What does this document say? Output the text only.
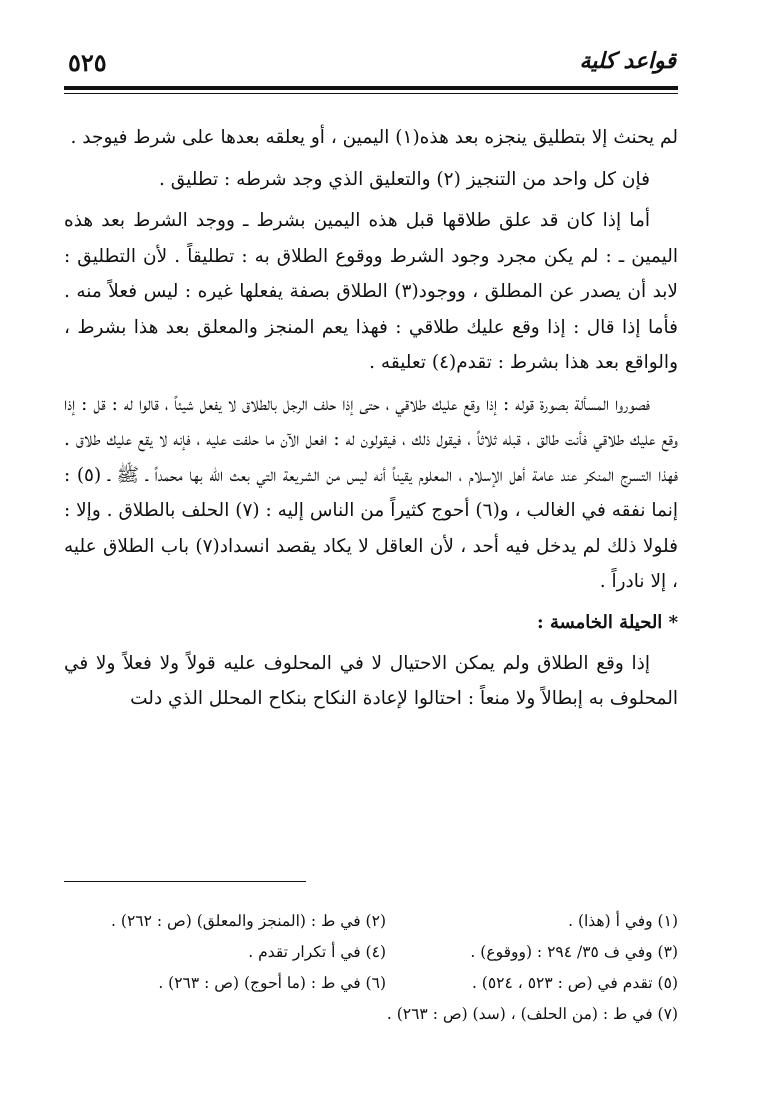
قواعد كلية
٥٢٥

لم يحنث إلا بتطليق ينجزه بعد هذه(١) اليمين ، أو يعلقه بعدها على شرط فيوجد .

فإن كل واحد من التنجيز (٢) والتعليق الذي وجد شرطه : تطليق .

أما إذا كان قد علق طلاقها قبل هذه اليمين بشرط ـ ووجد الشرط بعد هذه اليمين ـ : لم يكن مجرد وجود الشرط ووقوع الطلاق به : تطليقاً . لأن التطليق : لابد أن يصدر عن المطلق ، ووجود(٣) الطلاق بصفة يفعلها غيره : ليس فعلاً منه . فأما إذا قال : إذا وقع عليك طلاقي : فهذا يعم المنجز والمعلق بعد هذا بشرط ، والواقع بعد هذا بشرط : تقدم(٤) تعليقه .

فصوروا المسألة بصورة قوله : إذا وقع عليك طلاقي ، حتى إذا حلف الرجل بالطلاق لا يفعل شيئاً ، قالوا له : قل : إذا وقع عليك طلاقي فأنت طالق ، قبله ثلاثاً ، فيقول ذلك ، فيقولون له : افعل الآن ما حلفت عليه ، فإنه لا يقع عليك طلاق . فهذا التسرج المنكر عند عامة أهل الإسلام ، المعلوم يقيناً أنه ليس من الشريعة التي بعث الله بها محمداً ـ ﷺ ـ (٥) : إنما نفقه في الغالب ، و(٦) أحوج كثيراً من الناس إليه : (٧) الحلف بالطلاق . وإلا : فلولا ذلك لم يدخل فيه أحد ، لأن العاقل لا يكاد يقصد انسداد(٧) باب الطلاق عليه ، إلا نادراً .

* الحيلة الخامسة :

إذا وقع الطلاق ولم يمكن الاحتيال لا في المحلوف عليه قولاً ولا فعلاً ولا في المحلوف به إبطالاً ولا منعاً : احتالوا لإعادة النكاح بنكاح المحلل الذي دلت

(١) وفي أ (هذا) .
(٢) في ط : (المنجز والمعلق) (ص : ٢٦٢) .
(٣) وفي ف ٣٥/ ٢٩٤ : (ووقوع) .
(٤) في أ تكرار تقدم .
(٥) تقدم في (ص : ٥٢٣ ، ٥٢٤) .
(٦) في ط : (ما أحوج) (ص : ٢٦٣) .
(٧) في ط : (من الحلف) ، (سد) (ص : ٢٦٣) .
